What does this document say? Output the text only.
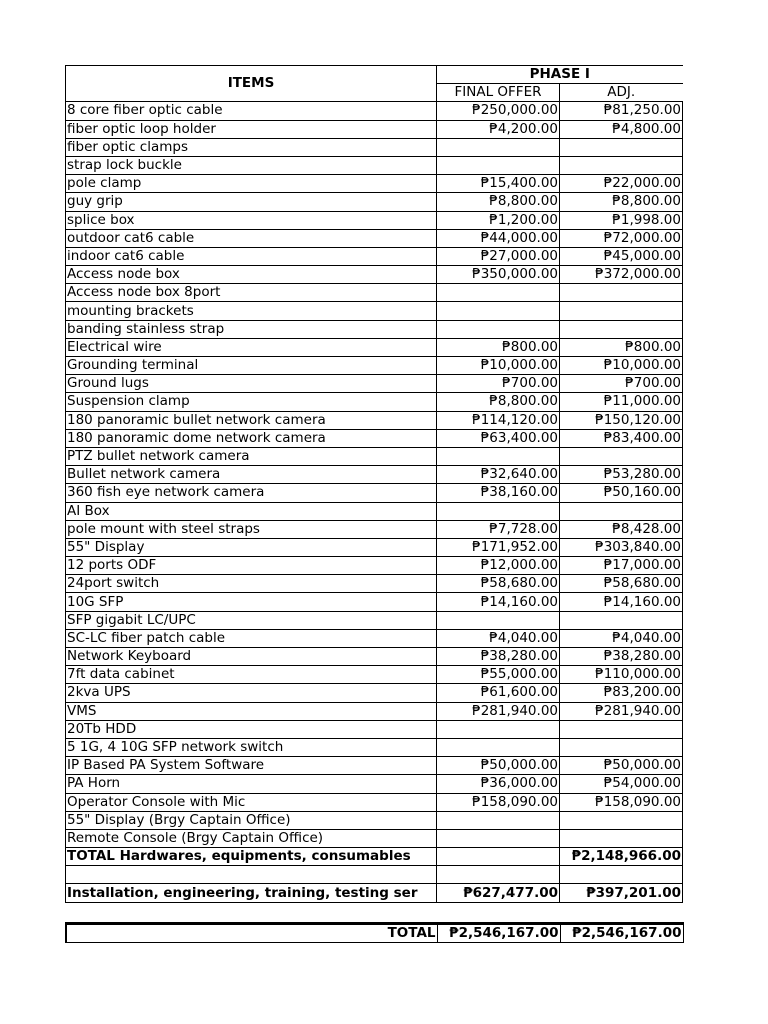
ITEMS	PHASE I	
	FINAL OFFER	ADJ.
8 core fiber optic cable	₱250,000.00	₱81,250.00
fiber optic loop holder	₱4,200.00	₱4,800.00
fiber optic clamps		
strap lock buckle		
pole clamp	₱15,400.00	₱22,000.00
guy grip	₱8,800.00	₱8,800.00
splice box	₱1,200.00	₱1,998.00
outdoor cat6 cable	₱44,000.00	₱72,000.00
indoor cat6 cable	₱27,000.00	₱45,000.00
Access node box	₱350,000.00	₱372,000.00
Access node box 8port		
mounting brackets		
banding stainless strap		
Electrical wire	₱800.00	₱800.00
Grounding terminal	₱10,000.00	₱10,000.00
Ground lugs	₱700.00	₱700.00
Suspension clamp	₱8,800.00	₱11,000.00
180 panoramic bullet network camera	₱114,120.00	₱150,120.00
180 panoramic dome network camera	₱63,400.00	₱83,400.00
PTZ bullet network camera		
Bullet network camera	₱32,640.00	₱53,280.00
360 fish eye network camera	₱38,160.00	₱50,160.00
AI Box		
pole mount with steel straps	₱7,728.00	₱8,428.00
55" Display	₱171,952.00	₱303,840.00
12 ports ODF	₱12,000.00	₱17,000.00
24port switch	₱58,680.00	₱58,680.00
10G SFP	₱14,160.00	₱14,160.00
SFP gigabit LC/UPC		
SC-LC fiber patch cable	₱4,040.00	₱4,040.00
Network Keyboard	₱38,280.00	₱38,280.00
7ft data cabinet	₱55,000.00	₱110,000.00
2kva UPS	₱61,600.00	₱83,200.00
VMS	₱281,940.00	₱281,940.00
20Tb HDD		
5 1G, 4 10G SFP network switch		
IP Based PA System Software	₱50,000.00	₱50,000.00
PA Horn	₱36,000.00	₱54,000.00
Operator Console with Mic	₱158,090.00	₱158,090.00
55" Display (Brgy Captain Office)		
Remote Console (Brgy Captain Office)		
TOTAL Hardwares, equipments, consumables		₱2,148,966.00

Installation, engineering, training, testing ser	₱627,477.00	₱397,201.00
TOTAL	₱2,546,167.00	₱2,546,167.00
